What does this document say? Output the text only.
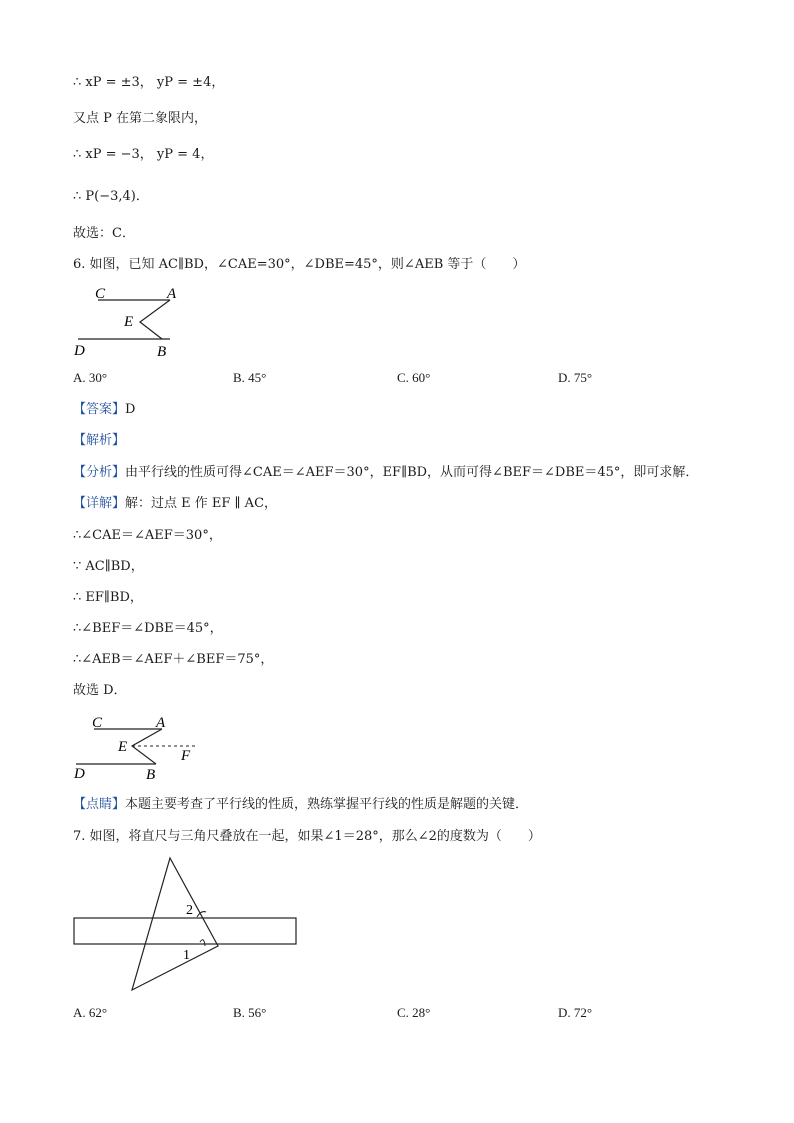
∴ xP = ±3， yP = ±4，
又点 P 在第二象限内，
∴ xP = −3， yP = 4，
∴ P(−3,4)．
故选：C．
6. 如图，已知 AC∥BD，∠CAE=30°，∠DBE=45°，则∠AEB 等于（　　）
C	A
E
D	B
A. 30°	B. 45°	C. 60°	D. 75°
【答案】D
【解析】
【分析】由平行线的性质可得∠CAE＝∠AEF＝30°，EF∥BD，从而可得∠BEF＝∠DBE＝45°，即可求解．
【详解】解：过点 E 作 EF ∥ AC，
∴∠CAE＝∠AEF＝30°，
∵ AC∥BD，
∴ EF∥BD，
∴∠BEF＝∠DBE＝45°，
∴∠AEB＝∠AEF＋∠BEF＝75°，
故选 D．
C	A
E
F
D	B
【点睛】本题主要考查了平行线的性质，熟练掌握平行线的性质是解题的关键．
7. 如图，将直尺与三角尺叠放在一起，如果∠1＝28°，那么∠2的度数为（　　）
2
1
A. 62°	B. 56°	C. 28°	D. 72°
